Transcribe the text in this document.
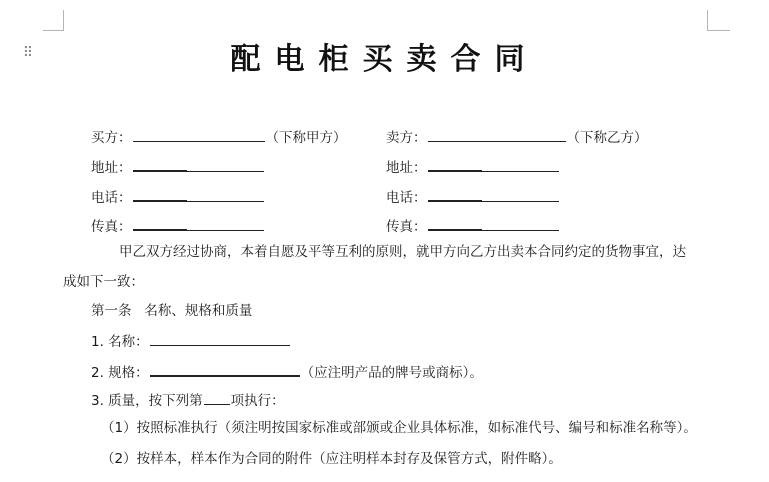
⠿	配电柜买卖合同
买方：	（下称甲方）	卖方：	（下称乙方）
地址：	地址：
电话：	电话：
传真：	传真：
甲乙双方经过协商，本着自愿及平等互利的原则，就甲方向乙方出卖本合同约定的货物事宜，达
成如下一致：
第一条   名称、规格和质量
1. 名称：
2. 规格：	（应注明产品的牌号或商标）。
3. 质量，按下列第 项执行：
（1）按照标准执行（须注明按国家标准或部颁或企业具体标准，如标准代号、编号和标准名称等）。
（2）按样本，样本作为合同的附件（应注明样本封存及保管方式，附件略）。
